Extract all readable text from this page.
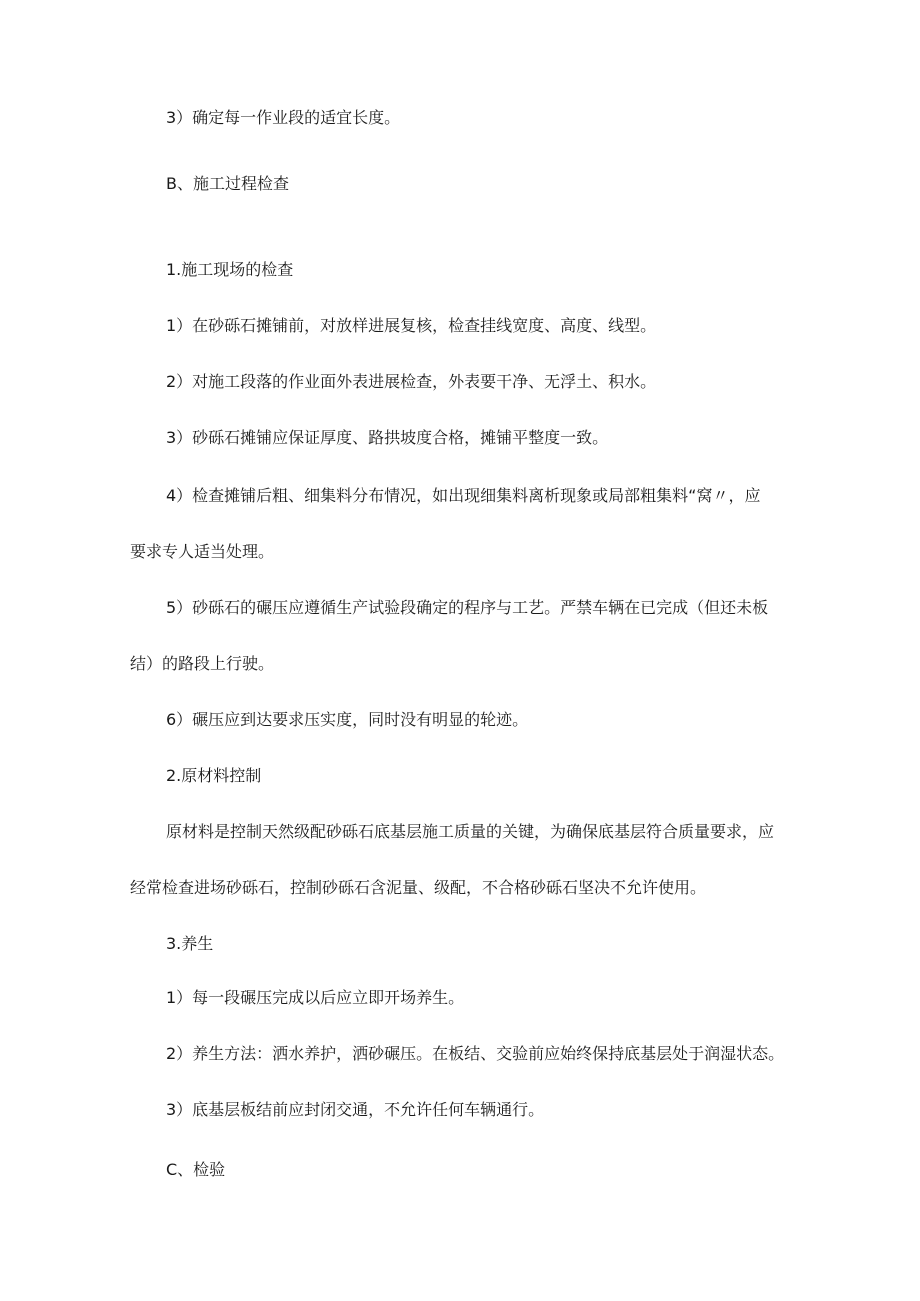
3）确定每一作业段的适宜长度。
B、施工过程检查
1.施工现场的检查
1）在砂砾石摊铺前，对放样进展复核，检查挂线宽度、高度、线型。
2）对施工段落的作业面外表进展检查，外表要干净、无浮土、积水。
3）砂砾石摊铺应保证厚度、路拱坡度合格，摊铺平整度一致。
4）检查摊铺后粗、细集料分布情况，如出现细集料离析现象或局部粗集料“窝〃，应
要求专人适当处理。
5）砂砾石的碾压应遵循生产试验段确定的程序与工艺。严禁车辆在已完成（但还未板
结）的路段上行驶。
6）碾压应到达要求压实度，同时没有明显的轮迹。
2.原材料控制
原材料是控制天然级配砂砾石底基层施工质量的关键，为确保底基层符合质量要求，应
经常检查进场砂砾石，控制砂砾石含泥量、级配，不合格砂砾石坚决不允许使用。
3.养生
1）每一段碾压完成以后应立即开场养生。
2）养生方法：洒水养护，洒砂碾压。在板结、交验前应始终保持底基层处于润湿状态。
3）底基层板结前应封闭交通，不允许任何车辆通行。
C、检验
